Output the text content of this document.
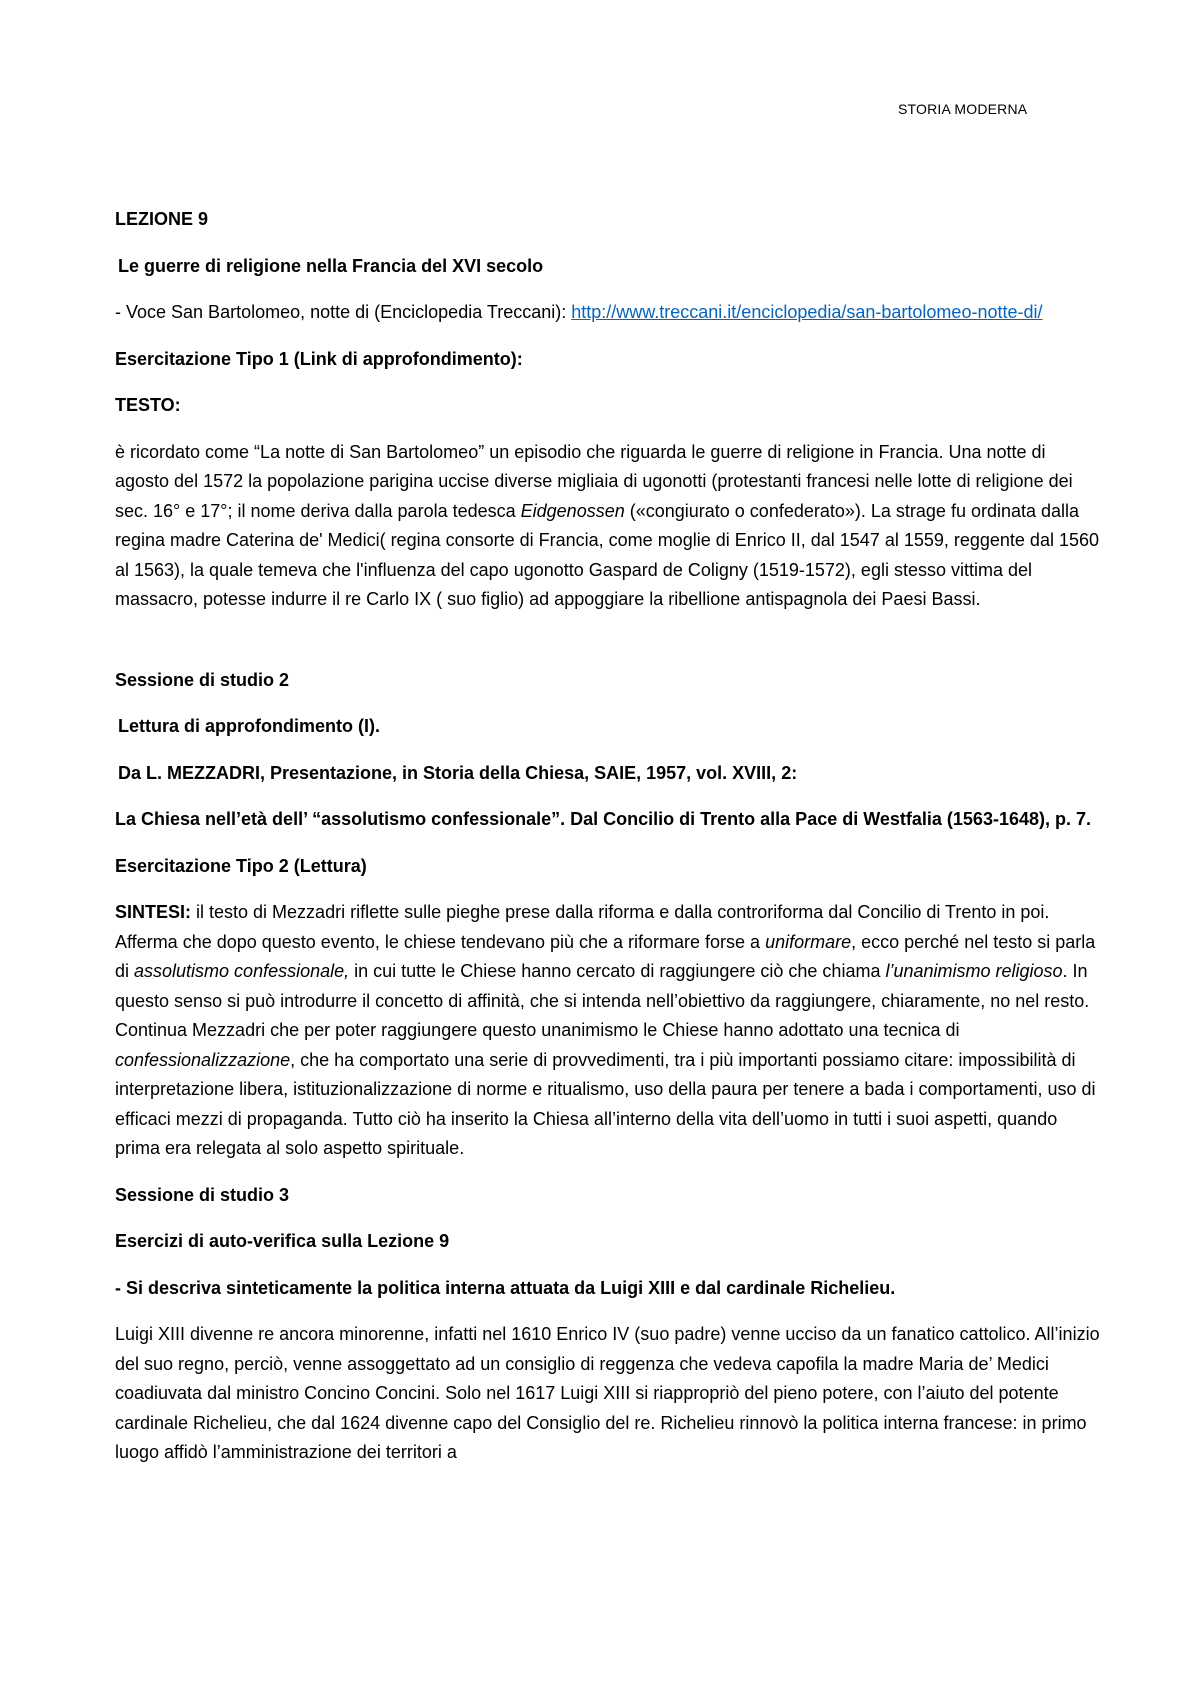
STORIA MODERNA

LEZIONE 9

Le guerre di religione nella Francia del XVI secolo

- Voce San Bartolomeo, notte di (Enciclopedia Treccani): http://www.treccani.it/enciclopedia/san-bartolomeo-notte-di/

Esercitazione Tipo 1 (Link di approfondimento):

TESTO:

è ricordato come “La notte di San Bartolomeo” un episodio che riguarda le guerre di religione in Francia. Una notte di agosto del 1572 la popolazione parigina uccise diverse migliaia di ugonotti (protestanti francesi nelle lotte di religione dei sec. 16° e 17°; il nome deriva dalla parola tedesca Eidgenossen («congiurato o confederato»). La strage fu ordinata dalla regina madre Caterina de' Medici( regina consorte di Francia, come moglie di Enrico II, dal 1547 al 1559, reggente dal 1560 al 1563), la quale temeva che l'influenza del capo ugonotto Gaspard de Coligny (1519-1572), egli stesso vittima del massacro, potesse indurre il re Carlo IX ( suo figlio) ad appoggiare la ribellione antispagnola dei Paesi Bassi.

Sessione di studio 2

Lettura di approfondimento (I).

Da L. MEZZADRI, Presentazione, in Storia della Chiesa, SAIE, 1957, vol. XVIII, 2:

La Chiesa nell’età dell’ “assolutismo confessionale”. Dal Concilio di Trento alla Pace di Westfalia (1563-1648), p. 7.

Esercitazione Tipo 2 (Lettura)

SINTESI: il testo di Mezzadri riflette sulle pieghe prese dalla riforma e dalla controriforma dal Concilio di Trento in poi. Afferma che dopo questo evento, le chiese tendevano più che a riformare forse a uniformare, ecco perché nel testo si parla di assolutismo confessionale, in cui tutte le Chiese hanno cercato di raggiungere ciò che chiama l’unanimismo religioso. In questo senso si può introdurre il concetto di affinità, che si intenda nell’obiettivo da raggiungere, chiaramente, no nel resto. Continua Mezzadri che per poter raggiungere questo unanimismo le Chiese hanno adottato una tecnica di confessionalizzazione, che ha comportato una serie di provvedimenti, tra i più importanti possiamo citare: impossibilità di interpretazione libera, istituzionalizzazione di norme e ritualismo, uso della paura per tenere a bada i comportamenti, uso di efficaci mezzi di propaganda. Tutto ciò ha inserito la Chiesa all’interno della vita dell’uomo in tutti i suoi aspetti, quando prima era relegata al solo aspetto spirituale.

Sessione di studio 3

Esercizi di auto-verifica sulla Lezione 9

- Si descriva sinteticamente la politica interna attuata da Luigi XIII e dal cardinale Richelieu.

Luigi XIII divenne re ancora minorenne, infatti nel 1610 Enrico IV (suo padre) venne ucciso da un fanatico cattolico. All’inizio del suo regno, perciò, venne assoggettato ad un consiglio di reggenza che vedeva capofila la madre Maria de’ Medici coadiuvata dal ministro Concino Concini. Solo nel 1617 Luigi XIII si riappropriò del pieno potere, con l’aiuto del potente cardinale Richelieu, che dal 1624 divenne capo del Consiglio del re. Richelieu rinnovò la politica interna francese: in primo luogo affidò l’amministrazione dei territori a
